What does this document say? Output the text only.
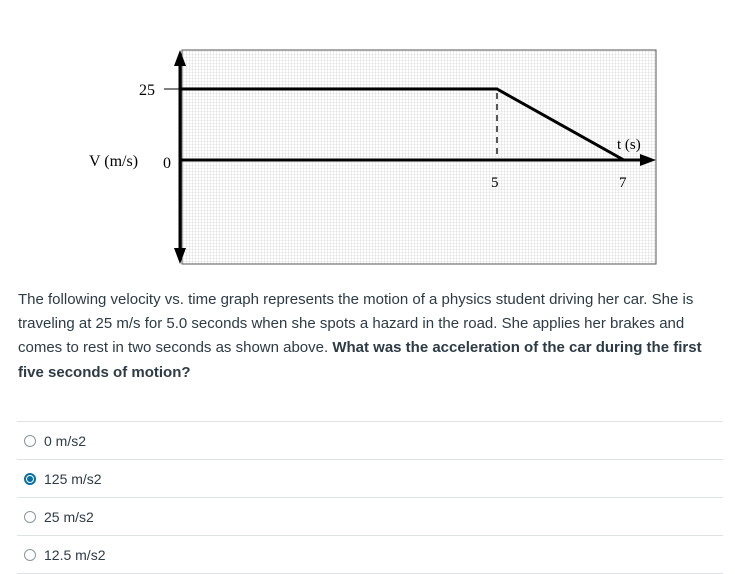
25
V (m/s) 0
t (s)
5	7

The following velocity vs. time graph represents the motion of a physics student driving her car. She is traveling at 25 m/s for 5.0 seconds when she spots a hazard in the road. She applies her brakes and comes to rest in two seconds as shown above. What was the acceleration of the car during the first five seconds of motion?

0 m/s2
125 m/s2
25 m/s2
12.5 m/s2
